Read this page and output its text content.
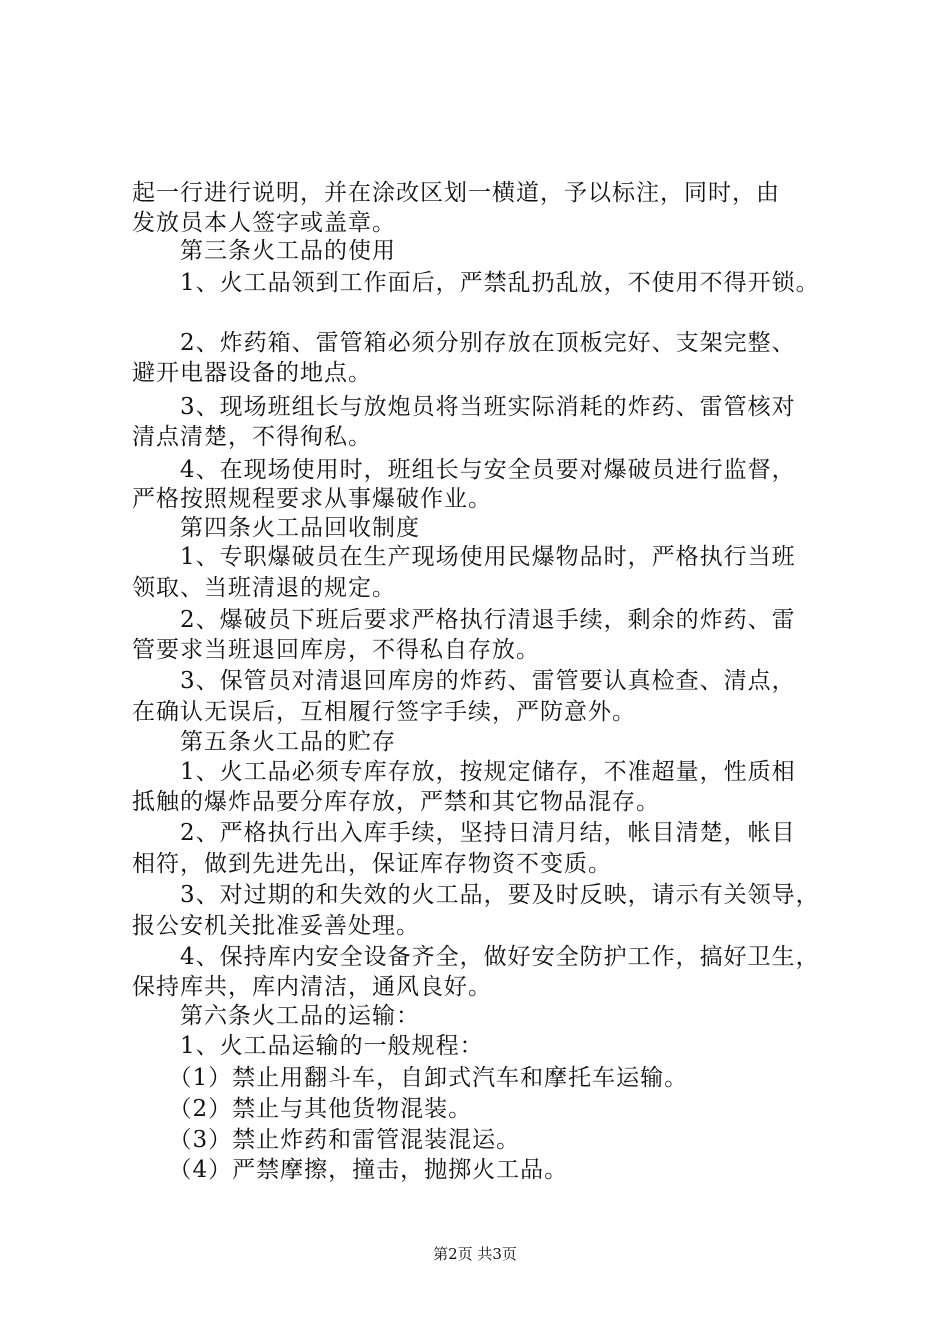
起一行进行说明，并在涂改区划一横道，予以标注，同时，由
发放员本人签字或盖章。
　　第三条火工品的使用
　　1、火工品领到工作面后，严禁乱扔乱放，不使用不得开锁。
　　2、炸药箱、雷管箱必须分别存放在顶板完好、支架完整、
避开电器设备的地点。
　　3、现场班组长与放炮员将当班实际消耗的炸药、雷管核对
清点清楚，不得徇私。
　　4、在现场使用时，班组长与安全员要对爆破员进行监督，
严格按照规程要求从事爆破作业。
　　第四条火工品回收制度
　　1、专职爆破员在生产现场使用民爆物品时，严格执行当班
领取、当班清退的规定。
　　2、爆破员下班后要求严格执行清退手续，剩余的炸药、雷
管要求当班退回库房，不得私自存放。
　　3、保管员对清退回库房的炸药、雷管要认真检查、清点，
在确认无误后，互相履行签字手续，严防意外。
　　第五条火工品的贮存
　　1、火工品必须专库存放，按规定储存，不准超量，性质相
抵触的爆炸品要分库存放，严禁和其它物品混存。
　　2、严格执行出入库手续，坚持日清月结，帐目清楚，帐目
相符，做到先进先出，保证库存物资不变质。
　　3、对过期的和失效的火工品，要及时反映，请示有关领导，
报公安机关批准妥善处理。
　　4、保持库内安全设备齐全，做好安全防护工作，搞好卫生，
保持库共，库内清洁，通风良好。
　　第六条火工品的运输：
　　1、火工品运输的一般规程：
　　（1）禁止用翻斗车，自卸式汽车和摩托车运输。
　　（2）禁止与其他货物混装。
　　（3）禁止炸药和雷管混装混运。
　　（4）严禁摩擦，撞击，抛掷火工品。
第2页 共3页
